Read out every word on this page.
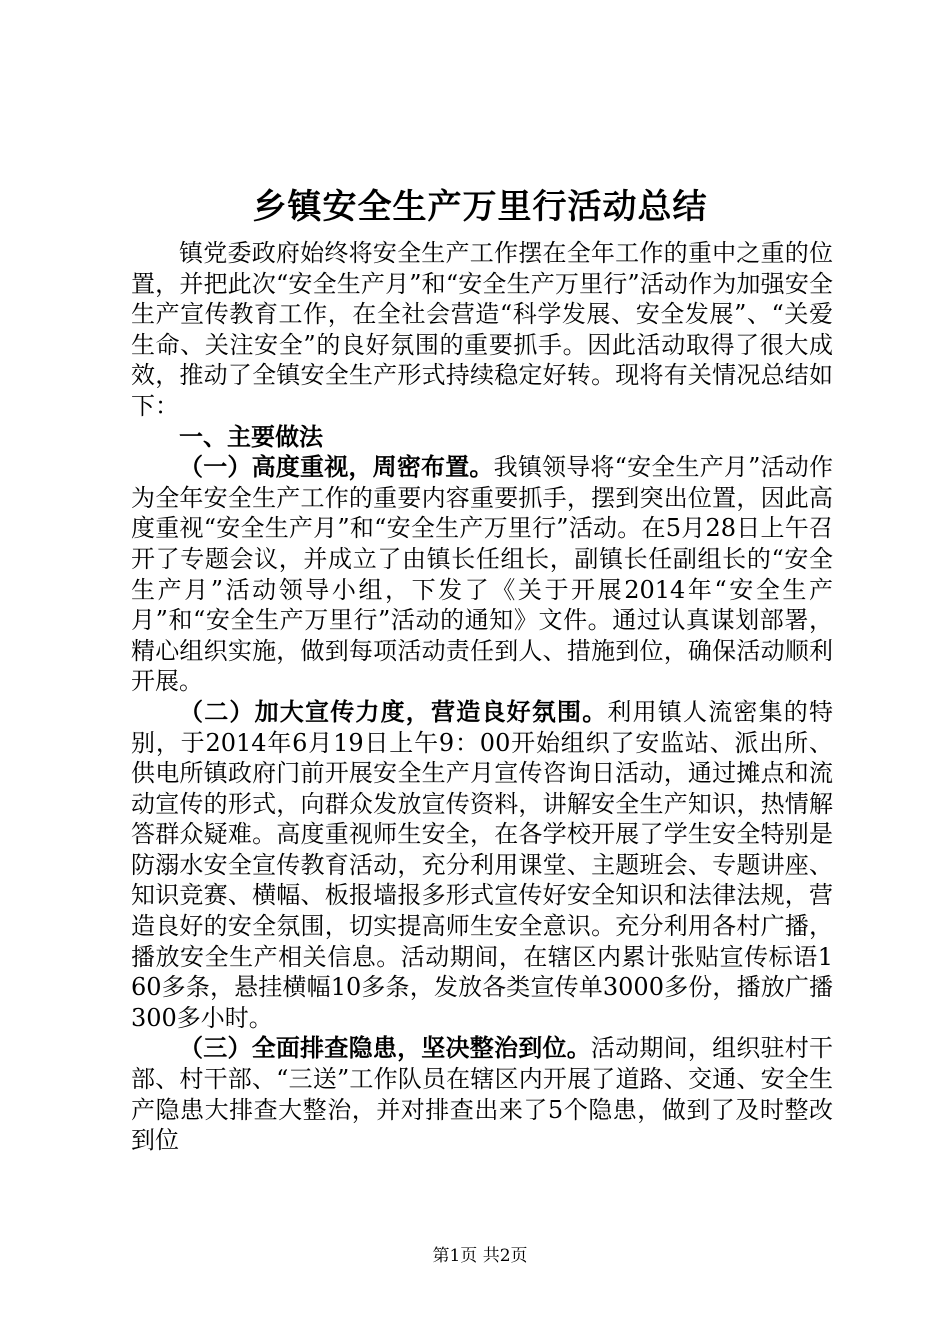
乡镇安全生产万里行活动总结

镇党委政府始终将安全生产工作摆在全年工作的重中之重的位置，并把此次“安全生产月”和“安全生产万里行”活动作为加强安全生产宣传教育工作，在全社会营造“科学发展、安全发展”、“关爱生命、关注安全”的良好氛围的重要抓手。因此活动取得了很大成效，推动了全镇安全生产形式持续稳定好转。现将有关情况总结如下：

一、主要做法

（一）高度重视，周密布置。我镇领导将“安全生产月”活动作为全年安全生产工作的重要内容重要抓手，摆到突出位置，因此高度重视“安全生产月”和“安全生产万里行”活动。在5月28日上午召开了专题会议，并成立了由镇长任组长，副镇长任副组长的“安全生产月”活动领导小组，下发了《关于开展2014年“安全生产月”和“安全生产万里行”活动的通知》文件。通过认真谋划部署，精心组织实施，做到每项活动责任到人、措施到位，确保活动顺利开展。

（二）加大宣传力度，营造良好氛围。利用镇人流密集的特别，于2014年6月19日上午9：00开始组织了安监站、派出所、供电所镇政府门前开展安全生产月宣传咨询日活动，通过摊点和流动宣传的形式，向群众发放宣传资料，讲解安全生产知识，热情解答群众疑难。高度重视师生安全，在各学校开展了学生安全特别是防溺水安全宣传教育活动，充分利用课堂、主题班会、专题讲座、知识竞赛、横幅、板报墙报多形式宣传好安全知识和法律法规，营造良好的安全氛围，切实提高师生安全意识。充分利用各村广播，播放安全生产相关信息。活动期间，在辖区内累计张贴宣传标语160多条，悬挂横幅10多条，发放各类宣传单3000多份，播放广播300多小时。

（三）全面排查隐患，坚决整治到位。活动期间，组织驻村干部、村干部、“三送”工作队员在辖区内开展了道路、交通、安全生产隐患大排查大整治，并对排查出来了5个隐患，做到了及时整改到位

第1页 共2页
